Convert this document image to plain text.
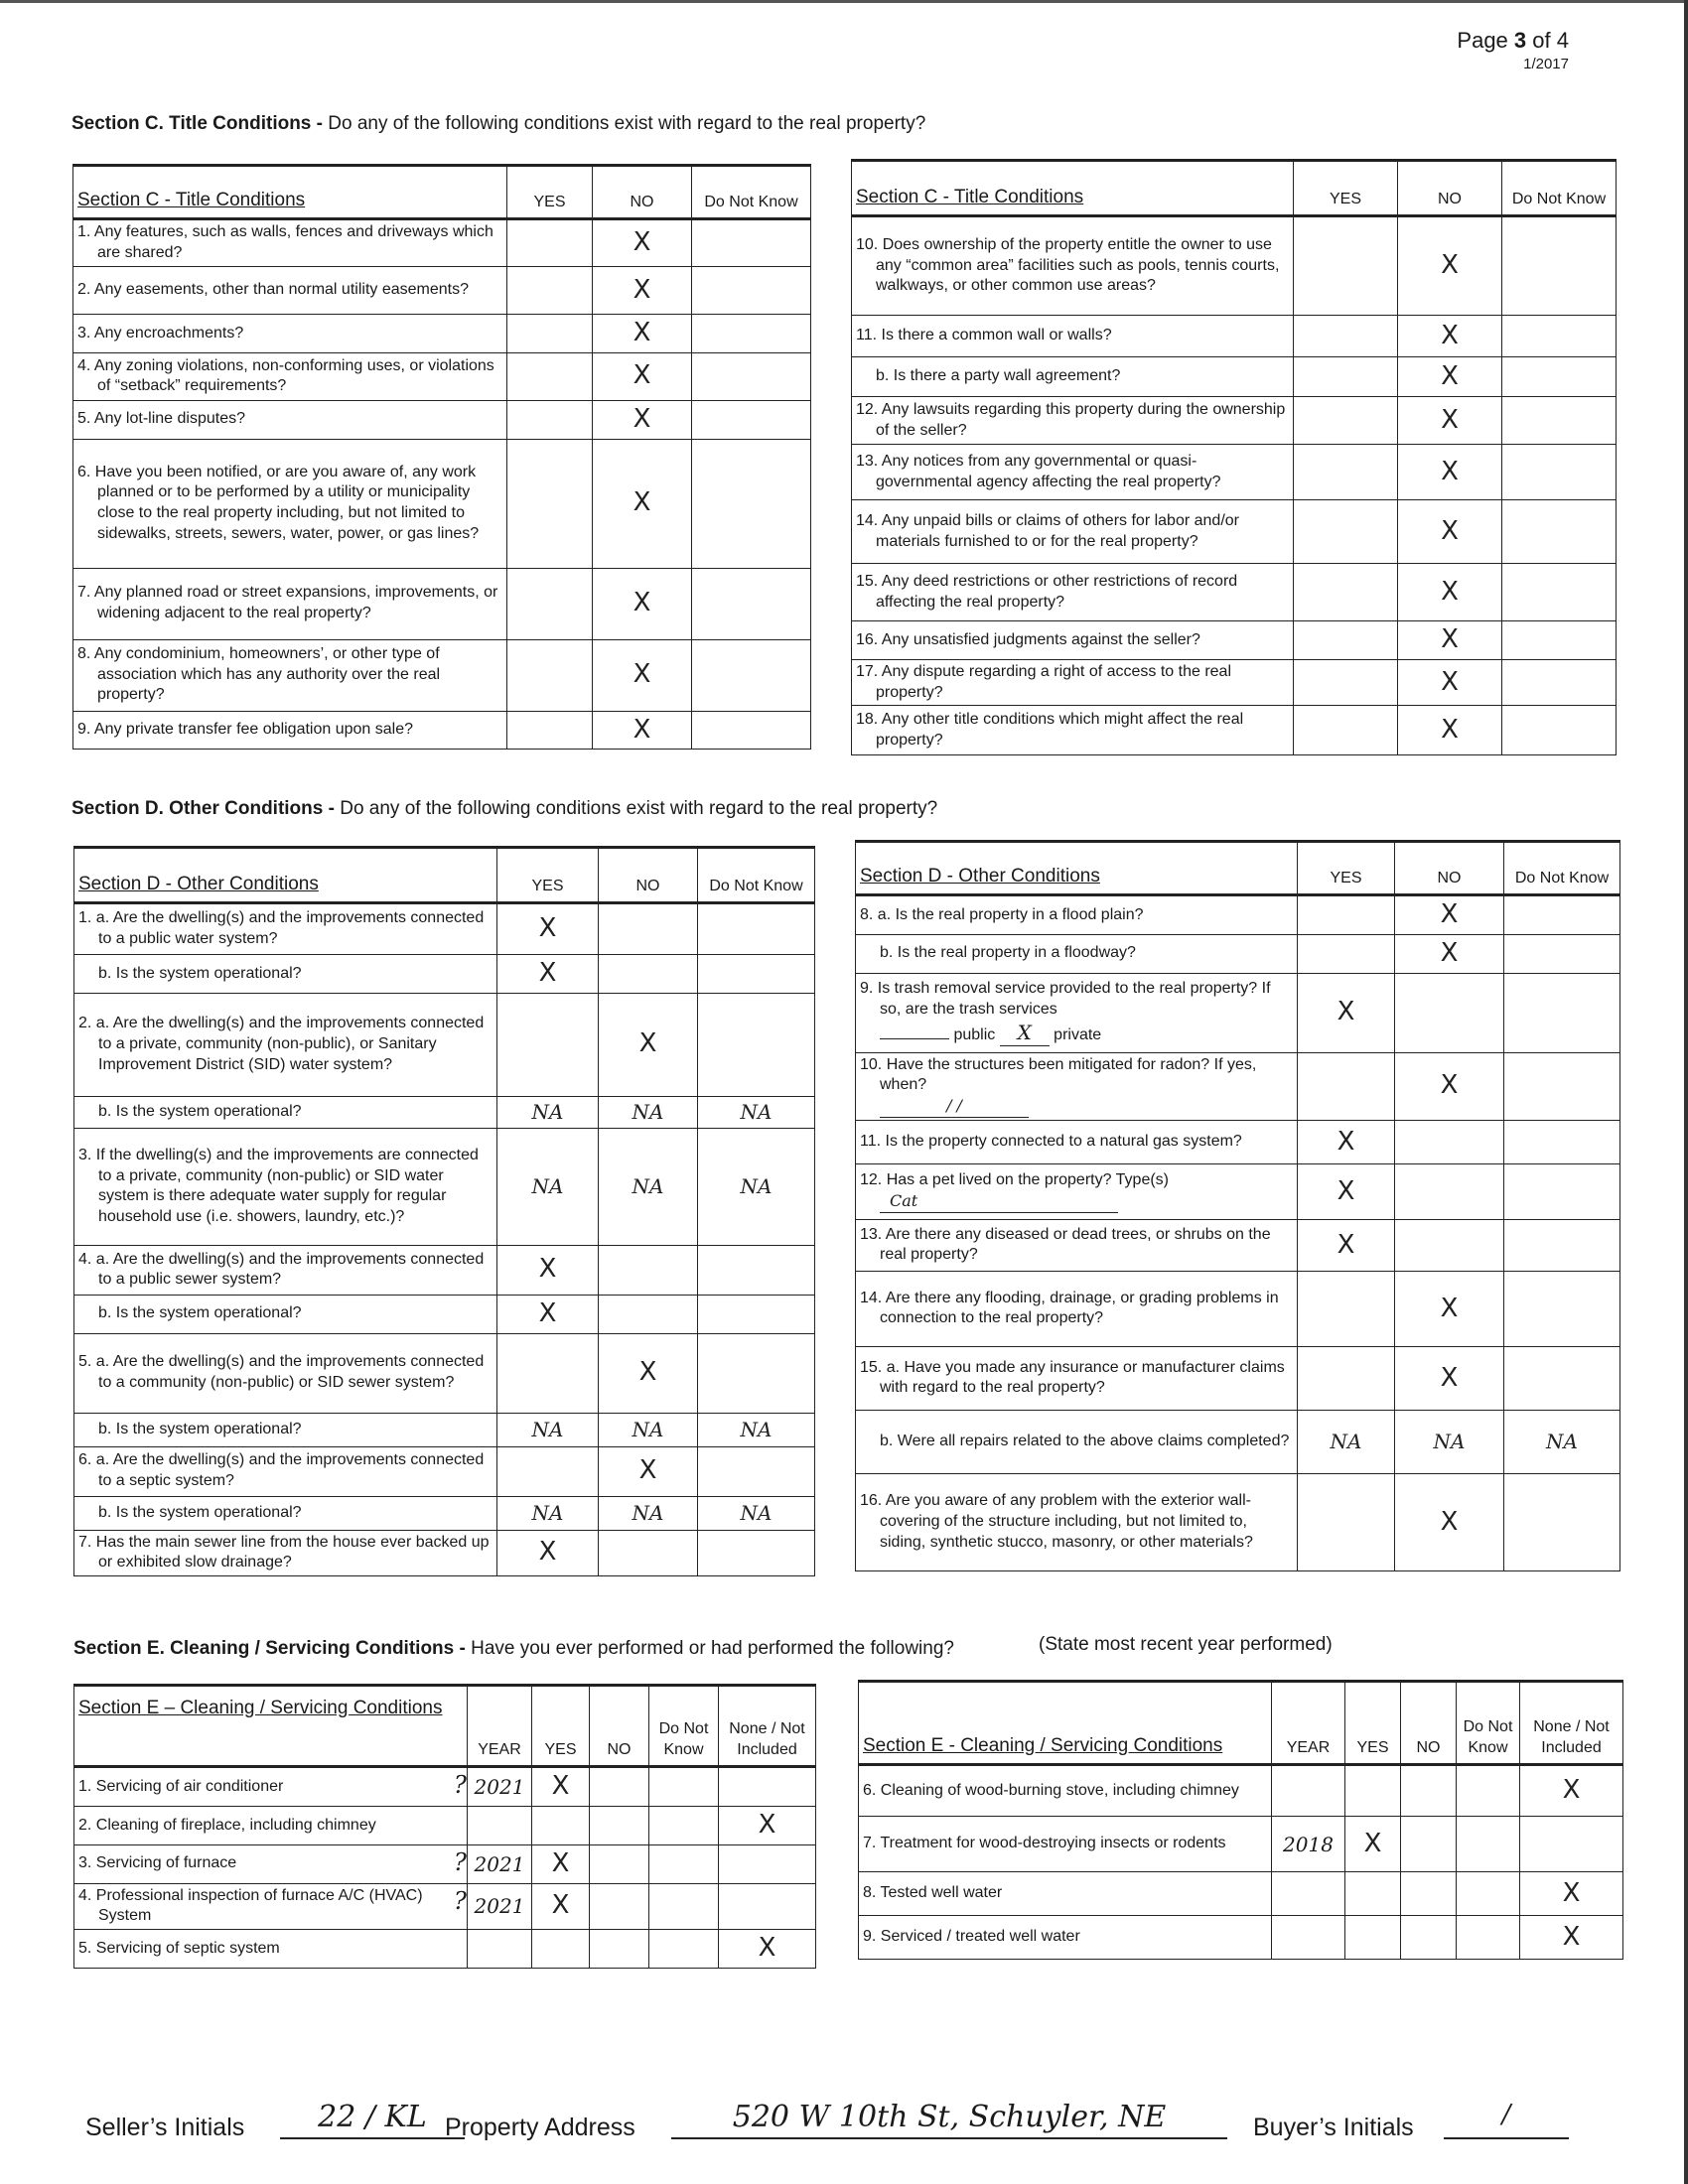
Page 3 of 4
1/2017
Section C. Title Conditions - Do any of the following conditions exist with regard to the real property?
Section C - Title Conditions	YES	NO	Do Not Know

1. Any features, such as walls, fences and driveways which are shared?		X	

2. Any easements, other than normal utility easements?		X	

3. Any encroachments?		X	

4. Any zoning violations, non-conforming uses, or violations of “setback” requirements?		X	

5. Any lot-line disputes?		X	

6. Have you been notified, or are you aware of, any work planned or to be performed by a utility or municipality close to the real property including, but not limited to sidewalks, streets, sewers, water, power, or gas lines?		X	

7. Any planned road or street expansions, improvements, or widening adjacent to the real property?		X	

8. Any condominium, homeowners’, or other type of association which has any authority over the real property?		X	

9. Any private transfer fee obligation upon sale?		X	
Section C - Title Conditions	YES	NO	Do Not Know

10. Does ownership of the property entitle the owner to use any “common area” facilities such as pools, tennis courts, walkways, or other common use areas?		X	

11. Is there a common wall or walls?		X	

b. Is there a party wall agreement?		X	

12. Any lawsuits regarding this property during the ownership of the seller?		X	

13. Any notices from any governmental or quasi-governmental agency affecting the real property?		X	

14. Any unpaid bills or claims of others for labor and/or materials furnished to or for the real property?		X	

15. Any deed restrictions or other restrictions of record affecting the real property?		X	

16. Any unsatisfied judgments against the seller?		X	

17. Any dispute regarding a right of access to the real property?		X	

18. Any other title conditions which might affect the real property?		X	
Section D. Other Conditions - Do any of the following conditions exist with regard to the real property?
Section D - Other Conditions	YES	NO	Do Not Know

1. a. Are the dwelling(s) and the improvements connected to a public water system?	X		

b. Is the system operational?	X		

2. a. Are the dwelling(s) and the improvements connected to a private, community (non-public), or Sanitary Improvement District (SID) water system?		X	

b. Is the system operational?	NA	NA	NA

3. If the dwelling(s) and the improvements are connected to a private, community (non-public) or SID water system is there adequate water supply for regular household use (i.e. showers, laundry, etc.)?	NA	NA	NA

4. a. Are the dwelling(s) and the improvements connected to a public sewer system?	X		

b. Is the system operational?	X		

5. a. Are the dwelling(s) and the improvements connected to a community (non-public) or SID sewer system?		X	

b. Is the system operational?	NA	NA	NA

6. a. Are the dwelling(s) and the improvements connected to a septic system?		X	

b. Is the system operational?	NA	NA	NA

7. Has the main sewer line from the house ever backed up or exhibited slow drainage?	X		
Section D - Other Conditions	YES	NO	Do Not Know

8. a. Is the real property in a flood plain?		X	

b. Is the real property in a floodway?		X	

9. Is trash removal service provided to the real property? If so, are the trash services
public X private	X		

10. Have the structures been mitigated for radon? If yes, when?
/ /		X	

11. Is the property connected to a natural gas system?	X		

12. Has a pet lived on the property? Type(s)
Cat	X		

13. Are there any diseased or dead trees, or shrubs on the real property?	X		

14. Are there any flooding, drainage, or grading problems in connection to the real property?		X	

15. a. Have you made any insurance or manufacturer claims with regard to the real property?		X	

b. Were all repairs related to the above claims completed?	NA	NA	NA

16. Are you aware of any problem with the exterior wall-covering of the structure including, but not limited to, siding, synthetic stucco, masonry, or other materials?		X	
Section E. Cleaning / Servicing Conditions - Have you ever performed or had performed the following?	(State most recent year performed)
Section E – Cleaning / Servicing Conditions	YEAR	YES	NO	Do Not Know	None / Not Included

1. Servicing of air conditioner	? 2021	X			

2. Cleaning of fireplace, including chimney					X

3. Servicing of furnace	? 2021	X			

4. Professional inspection of furnace A/C (HVAC) System	? 2021	X			

5. Servicing of septic system					X
Section E - Cleaning / Servicing Conditions	YEAR	YES	NO	Do Not Know	None / Not Included

6. Cleaning of wood-burning stove, including chimney					X

7. Treatment for wood-destroying insects or rodents	2018	X			

8. Tested well water					X

9. Serviced / treated well water					X
Seller’s Initials	22 / KL Property Address	520 W 10th St, Schuyler, NE	Buyer’s Initials	/
